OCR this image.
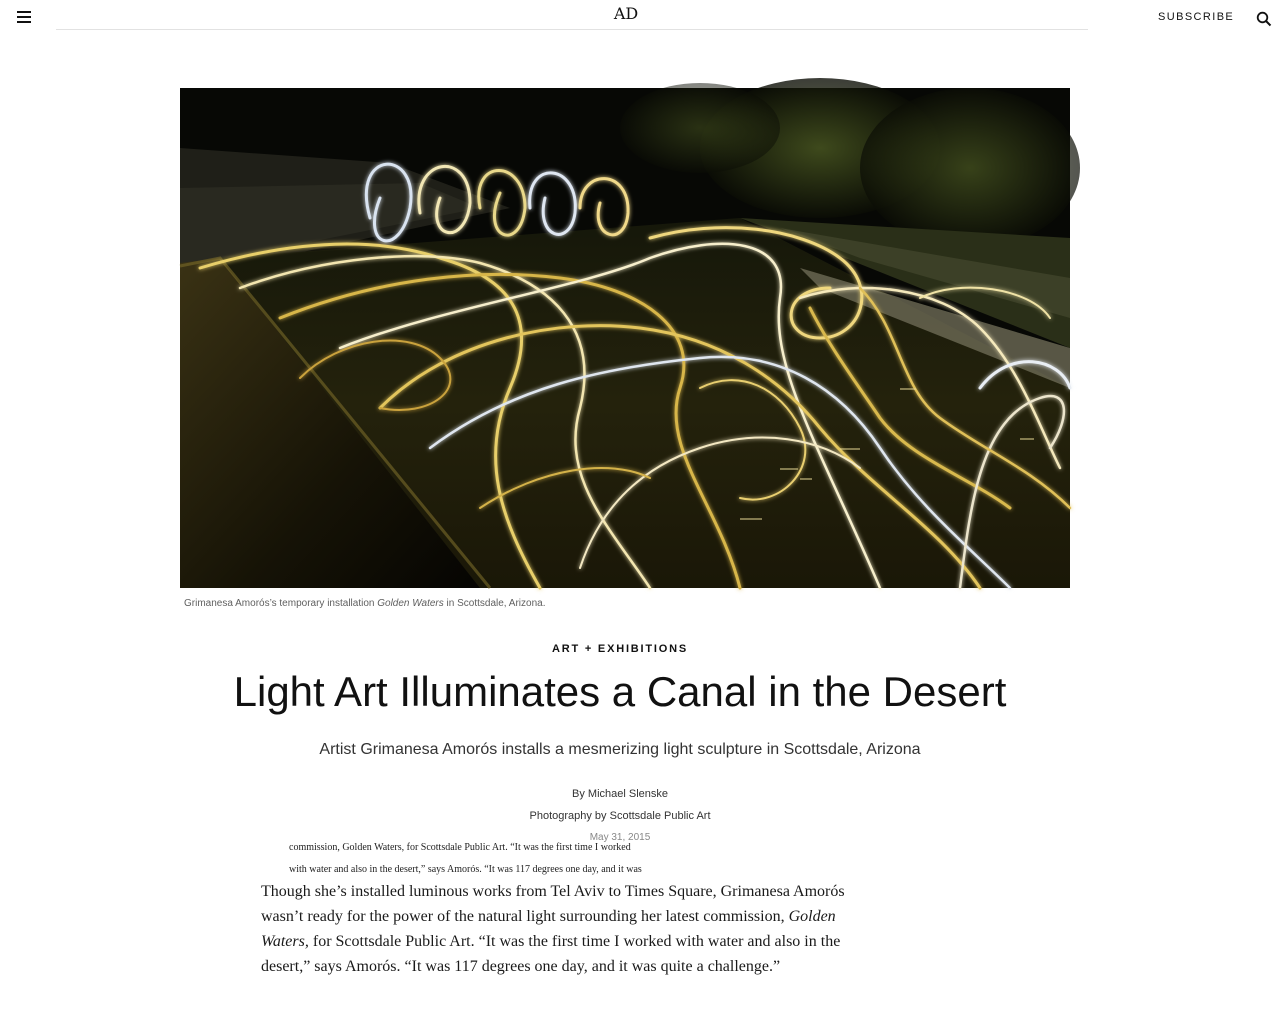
AD	SUBSCRIBE
Grimanesa Amorós’s temporary installation Golden Waters in Scottsdale, Arizona.
ART + EXHIBITIONS
Light Art Illuminates a Canal in the Desert
Artist Grimanesa Amorós installs a mesmerizing light sculpture in Scottsdale, Arizona
By Michael Slenske
Photography by Scottsdale Public Art
May 31, 2015
commission, Golden Waters, for Scottsdale Public Art. “It was the first time I worked
with water and also in the desert,” says Amorós. “It was 117 degrees one day, and it was

Though she’s installed luminous works from Tel Aviv to Times Square, Grimanesa Amorós wasn’t ready for the power of the natural light surrounding her latest commission, Golden Waters, for Scottsdale Public Art. “It was the first time I worked with water and also in the desert,” says Amorós. “It was 117 degrees one day, and it was quite a challenge.”
